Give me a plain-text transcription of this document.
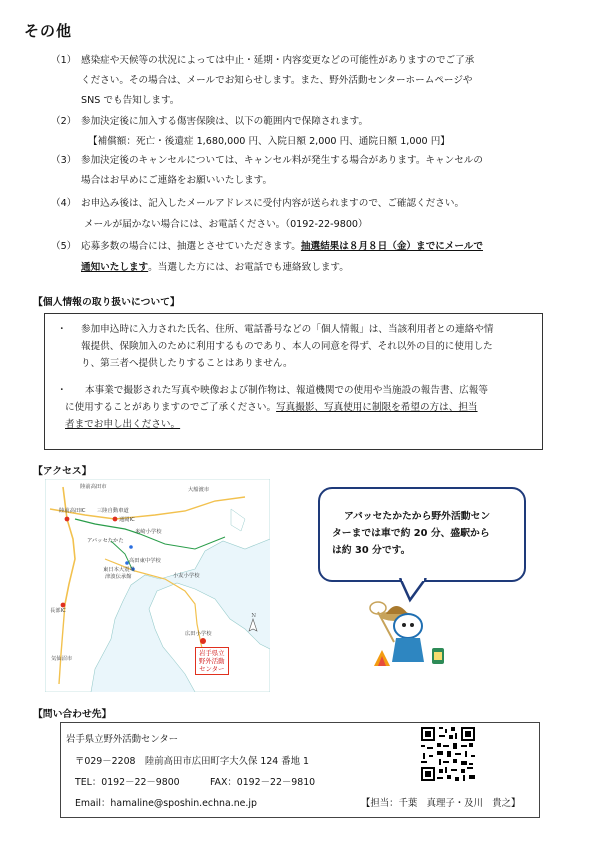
その他
（1） 感染症や天候等の状況によっては中止・延期・内容変更などの可能性がありますのでご了承
ください。その場合は、メールでお知らせします。また、野外活動センターホームページや
SNS でも告知します。
（2） 参加決定後に加入する傷害保険は、以下の範囲内で保障されます。
【補償額：死亡・後遺症 1,680,000 円、入院日額 2,000 円、通院日額 1,000 円】
（3） 参加決定後のキャンセルについては、キャンセル料が発生する場合があります。キャンセルの
場合はお早めにご連絡をお願いいたします。
（4） お申込み後は、記入したメールアドレスに受付内容が送られますので、ご確認ください。
メールが届かない場合には、お電話ください。（0192-22-9800）
（5） 応募多数の場合には、抽選とさせていただきます。抽選結果は８月８日（金）までにメールで
通知いたします。当選した方には、お電話でも連絡致します。
【個人情報の取り扱いについて】
・ 参加申込時に入力された氏名、住所、電話番号などの「個人情報」は、当該利用者との連絡や情
報提供、保険加入のために利用するものであり、本人の同意を得ず、それ以外の目的に使用した
り、第三者へ提供したりすることはありません。
・ 本事業で撮影された写真や映像および制作物は、報道機関での使用や当施設の報告書、広報等
に使用することがありますのでご了承ください。写真撮影、写真使用に制限を希望の方は、担当
者までお申し出ください。
【アクセス】
陸前高田市	大船渡市
陸前高田IC 三陸自動車道
通岡IC
米崎小学校
アバッセたかた
高田東中学校
東日本大震災
津波伝承館	小友小学校
長部IC
広田小学校
気仙沼市
岩手県立
野外活動
センター
Ｎ
アバッセたかたから野外活動セン
ターまでは車で約 20 分、盛駅から
は約 30 分です。
【問い合わせ先】
岩手県立野外活動センター
〒029－2208　陸前高田市広田町字大久保 124 番地 1
TEL：0192－22－9800	FAX：0192－22－9810
Email：hamaline@sposhin.echna.ne.jp	【担当：千葉　真理子・及川　貴之】
